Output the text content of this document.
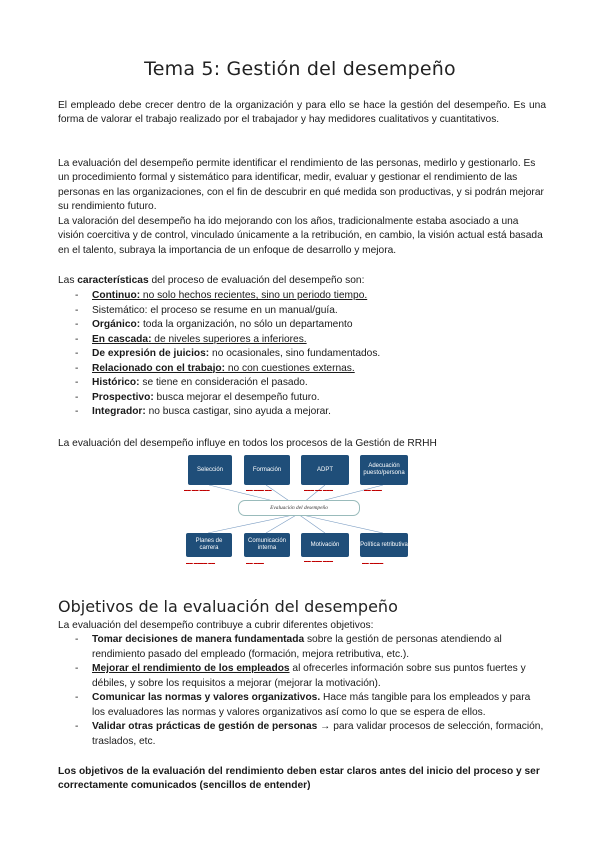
Tema 5: Gestión del desempeño
El empleado debe crecer dentro de la organización y para ello se hace la gestión del desempeño. Es una forma de valorar el trabajo realizado por el trabajador y hay medidores cualitativos y cuantitativos.
La evaluación del desempeño permite identificar el rendimiento de las personas, medirlo y gestionarlo. Es un procedimiento formal y sistemático para identificar, medir, evaluar y gestionar el rendimiento de las personas en las organizaciones, con el fin de descubrir en qué medida son productivas, y si podrán mejorar su rendimiento futuro.
La valoración del desempeño ha ido mejorando con los años, tradicionalmente estaba asociado a una visión coercitiva y de control, vinculado únicamente a la retribución, en cambio, la visión actual está basada en el talento, subraya la importancia de un enfoque de desarrollo y mejora.
Las características del proceso de evaluación del desempeño son:
- Continuo: no solo hechos recientes, sino un periodo tiempo.
- Sistemático: el proceso se resume en un manual/guía.
- Orgánico: toda la organización, no sólo un departamento
- En cascada: de niveles superiores a inferiores.
- De expresión de juicios: no ocasionales, sino fundamentados.
- Relacionado con el trabajo: no con cuestiones externas.
- Histórico: se tiene en consideración el pasado.
- Prospectivo: busca mejorar el desempeño futuro.
- Integrador: no busca castigar, sino ayuda a mejorar.
La evaluación del desempeño influye en todos los procesos de la Gestión de RRHH
Selección	Formación	ADPT
Adecuación puesto/persona
▬▬ ▬▬ ▬▬▬	▬▬ ▬▬▬ ▬▬	▬▬▬ ▬▬ ▬▬▬	▬▬ ▬▬▬
Evaluación del desempeño
Planes de carrera
Comunicación interna
Motivación	Política retributiva
▬▬ ▬▬▬▬ ▬▬	▬▬ ▬▬▬	▬▬ ▬▬▬ ▬▬▬	▬▬ ▬▬▬▬
Objetivos de la evaluación del desempeño
La evaluación del desempeño contribuye a cubrir diferentes objetivos:
- Tomar decisiones de manera fundamentada sobre la gestión de personas atendiendo al rendimiento pasado del empleado (formación, mejora retributiva, etc.).
- Mejorar el rendimiento de los empleados al ofrecerles información sobre sus puntos fuertes y débiles, y sobre los requisitos a mejorar (mejorar la motivación).
- Comunicar las normas y valores organizativos. Hace más tangible para los empleados y para los evaluadores las normas y valores organizativos así como lo que se espera de ellos.
- Validar otras prácticas de gestión de personas → para validar procesos de selección, formación, traslados, etc.
Los objetivos de la evaluación del rendimiento deben estar claros antes del inicio del proceso y ser correctamente comunicados (sencillos de entender)
